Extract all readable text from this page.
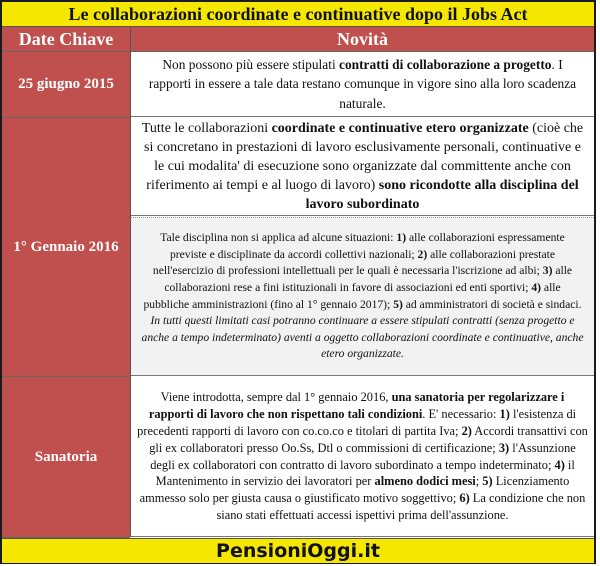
Le collaborazioni coordinate e continuative dopo il Jobs Act
Date Chiave	Novità
25 giugno 2015

Non possono più essere stipulati contratti di collaborazione a progetto. I rapporti in essere a tale data restano comunque in vigore sino alla loro scadenza naturale.

1° Gennaio 2016

Tutte le collaborazioni coordinate e continuative etero organizzate (cioè che si concretano in prestazioni di lavoro esclusivamente personali, continuative e le cui modalita' di esecuzione sono organizzate dal committente anche con riferimento ai tempi e al luogo di lavoro) sono ricondotte alla disciplina del lavoro subordinato

Tale disciplina non si applica ad alcune situazioni: 1) alle collaborazioni espressamente previste e disciplinate da accordi collettivi nazionali; 2) alle collaborazioni prestate nell'esercizio di professioni intellettuali per le quali è necessaria l'iscrizione ad albi; 3) alle collaborazioni rese a fini istituzionali in favore di associazioni ed enti sportivi; 4) alle pubbliche amministrazioni (fino al 1° gennaio 2017); 5) ad amministratori di società e sindaci. In tutti questi limitati casi potranno continuare a essere stipulati contratti (senza progetto e anche a tempo indeterminato) aventi a oggetto collaborazioni coordinate e continuative, anche etero organizzate.

Sanatoria

Viene introdotta, sempre dal 1° gennaio 2016, una sanatoria per regolarizzare i rapporti di lavoro che non rispettano tali condizioni. E' necessario: 1) l'esistenza di precedenti rapporti di lavoro con co.co.co e titolari di partita Iva; 2) Accordi transattivi con gli ex collaboratori presso Oo.Ss, Dtl o commissioni di certificazione; 3) l'Assunzione degli ex collaboratori con contratto di lavoro subordinato a tempo indeterminato; 4) il Mantenimento in servizio dei lavoratori per almeno dodici mesi; 5) Licenziamento ammesso solo per giusta causa o giustificato motivo soggettivo; 6) La condizione che non siano stati effettuati accessi ispettivi prima dell'assunzione.

PensioniOggi.it
